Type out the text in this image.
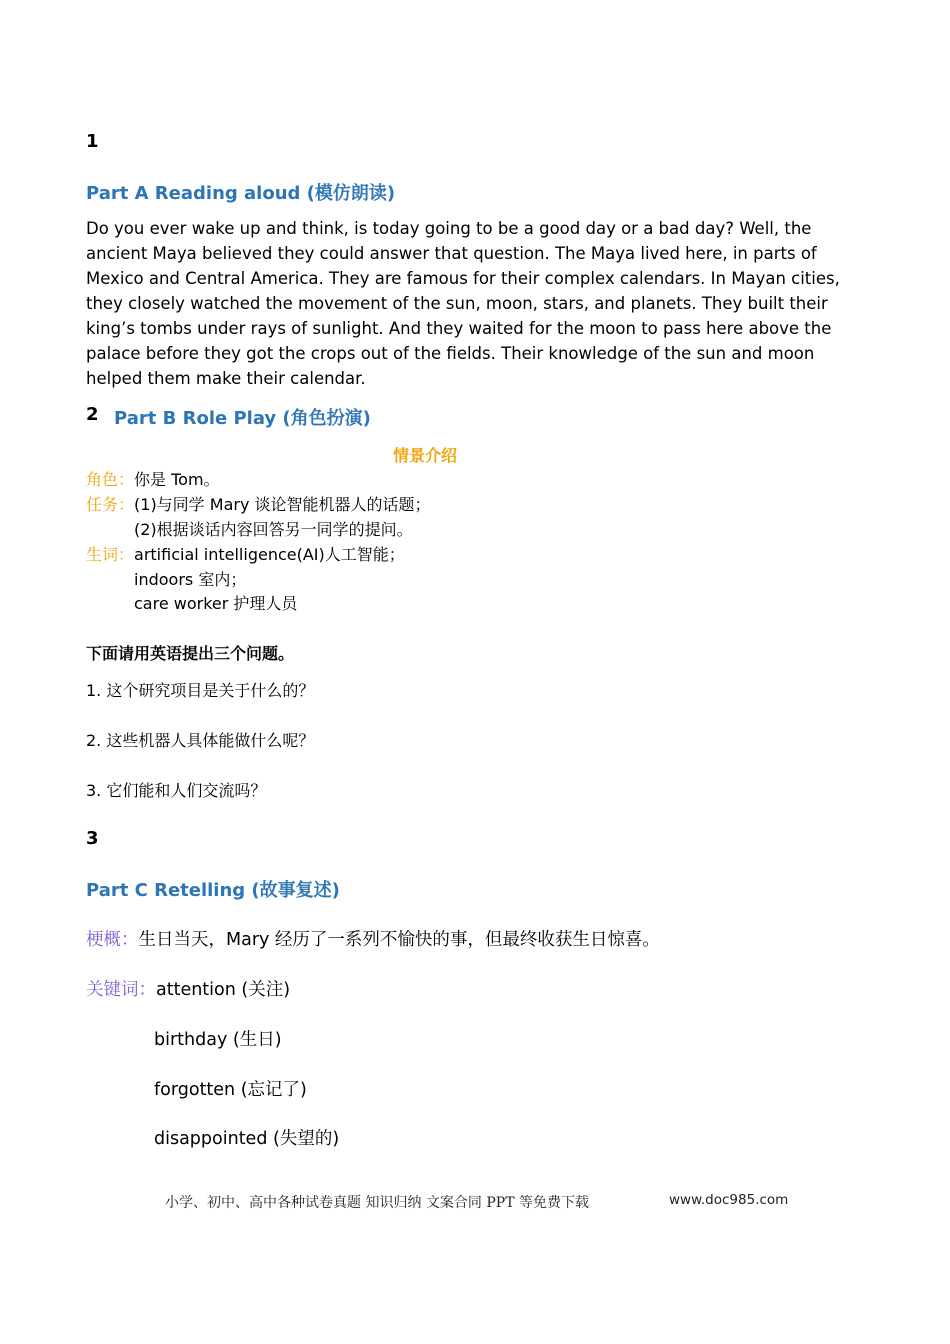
1
Part A Reading aloud (模仿朗读)
Do you ever wake up and think, is today going to be a good day or a bad day? Well, the ancient Maya believed they could answer that question. The Maya lived here, in parts of Mexico and Central America. They are famous for their complex calendars. In Mayan cities, they closely watched the movement of the sun, moon, stars, and planets. They built their king’s tombs under rays of sunlight. And they waited for the moon to pass here above the palace before they got the crops out of the fields. Their knowledge of the sun and moon helped them make their calendar.
2 Part B Role Play (角色扮演)
情景介绍
角色：你是 Tom。
任务：(1)与同学 Mary 谈论智能机器人的话题；
(2)根据谈话内容回答另一同学的提问。
生词：artificial intelligence(AI)人工智能；
indoors 室内；
care worker 护理人员
下面请用英语提出三个问题。
1. 这个研究项目是关于什么的？
2. 这些机器人具体能做什么呢？
3. 它们能和人们交流吗？
3
Part C Retelling (故事复述)
梗概：生日当天，Mary 经历了一系列不愉快的事，但最终收获生日惊喜。
关键词：attention (关注)
birthday (生日)
forgotten (忘记了)
disappointed (失望的)
小学、初中、高中各种试卷真题 知识归纳 文案合同 PPT 等免费下载	www.doc985.com
